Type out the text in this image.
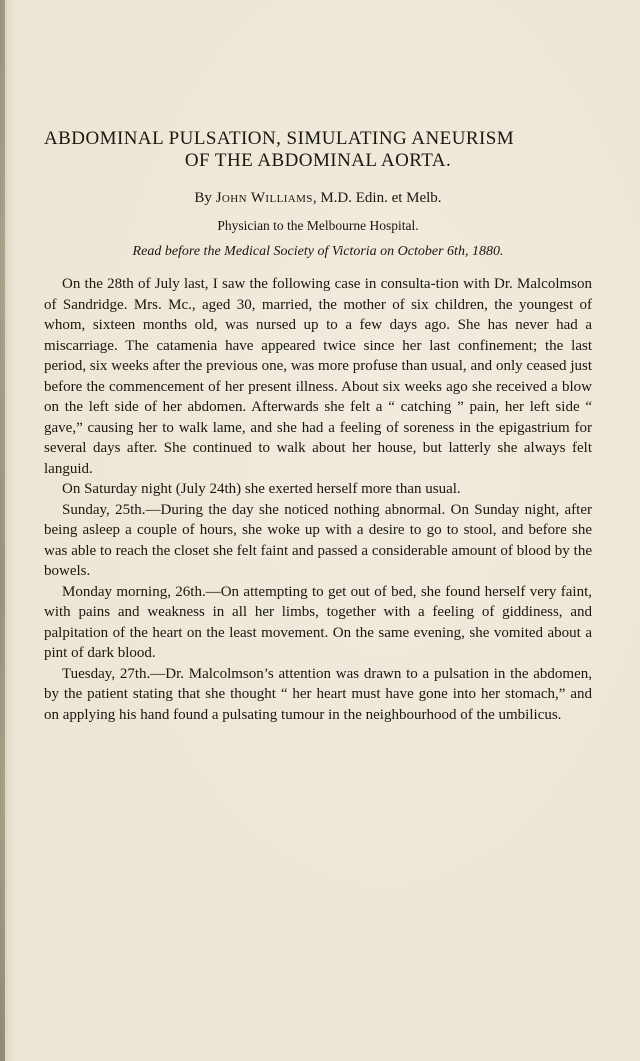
ABDOMINAL PULSATION, SIMULATING ANEURISM
OF THE ABDOMINAL AORTA.
By John Williams, M.D. Edin. et Melb.
Physician to the Melbourne Hospital.
Read before the Medical Society of Victoria on October 6th, 1880.

On the 28th of July last, I saw the following case in consulta-tion with Dr. Malcolmson of Sandridge. Mrs. Mc., aged 30, married, the mother of six children, the youngest of whom, sixteen months old, was nursed up to a few days ago. She has never had a miscarriage. The catamenia have appeared twice since her last confinement; the last period, six weeks after the previous one, was more profuse than usual, and only ceased just before the commencement of her present illness. About six weeks ago she received a blow on the left side of her abdomen. Afterwards she felt a “ catching ” pain, her left side “ gave,” causing her to walk lame, and she had a feeling of soreness in the epigastrium for several days after. She continued to walk about her house, but latterly she always felt languid.

On Saturday night (July 24th) she exerted herself more than usual.

Sunday, 25th.—During the day she noticed nothing abnormal. On Sunday night, after being asleep a couple of hours, she woke up with a desire to go to stool, and before she was able to reach the closet she felt faint and passed a considerable amount of blood by the bowels.

Monday morning, 26th.—On attempting to get out of bed, she found herself very faint, with pains and weakness in all her limbs, together with a feeling of giddiness, and palpitation of the heart on the least movement. On the same evening, she vomited about a pint of dark blood.

Tuesday, 27th.—Dr. Malcolmson’s attention was drawn to a pulsation in the abdomen, by the patient stating that she thought “ her heart must have gone into her stomach,” and on applying his hand found a pulsating tumour in the neighbourhood of the umbilicus.
